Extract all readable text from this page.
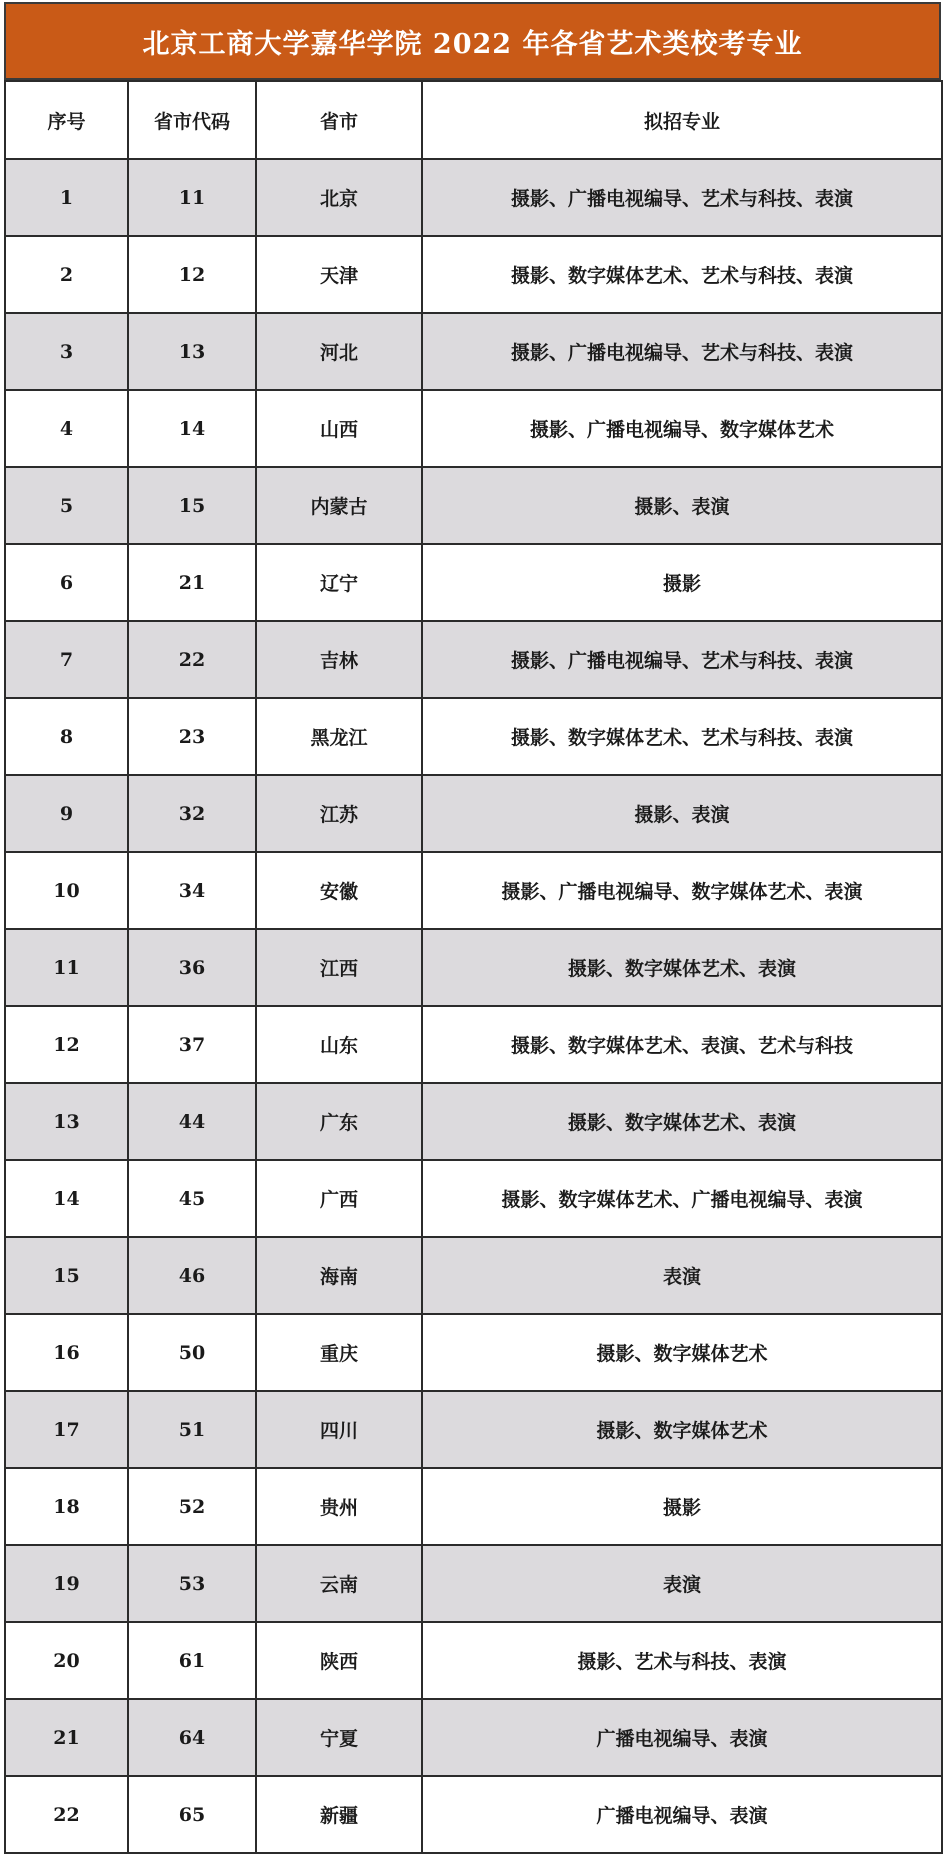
北京工商大学嘉华学院 2022 年各省艺术类校考专业
序号	省市代码	省市	拟招专业
1	11	北京	摄影、广播电视编导、艺术与科技、表演
2	12	天津	摄影、数字媒体艺术、艺术与科技、表演
3	13	河北	摄影、广播电视编导、艺术与科技、表演
4	14	山西	摄影、广播电视编导、数字媒体艺术
5	15	内蒙古	摄影、表演
6	21	辽宁	摄影
7	22	吉林	摄影、广播电视编导、艺术与科技、表演
8	23	黑龙江	摄影、数字媒体艺术、艺术与科技、表演
9	32	江苏	摄影、表演
10	34	安徽	摄影、广播电视编导、数字媒体艺术、表演
11	36	江西	摄影、数字媒体艺术、表演
12	37	山东	摄影、数字媒体艺术、表演、艺术与科技
13	44	广东	摄影、数字媒体艺术、表演
14	45	广西	摄影、数字媒体艺术、广播电视编导、表演
15	46	海南	表演
16	50	重庆	摄影、数字媒体艺术
17	51	四川	摄影、数字媒体艺术
18	52	贵州	摄影
19	53	云南	表演
20	61	陕西	摄影、艺术与科技、表演
21	64	宁夏	广播电视编导、表演
22	65	新疆	广播电视编导、表演
